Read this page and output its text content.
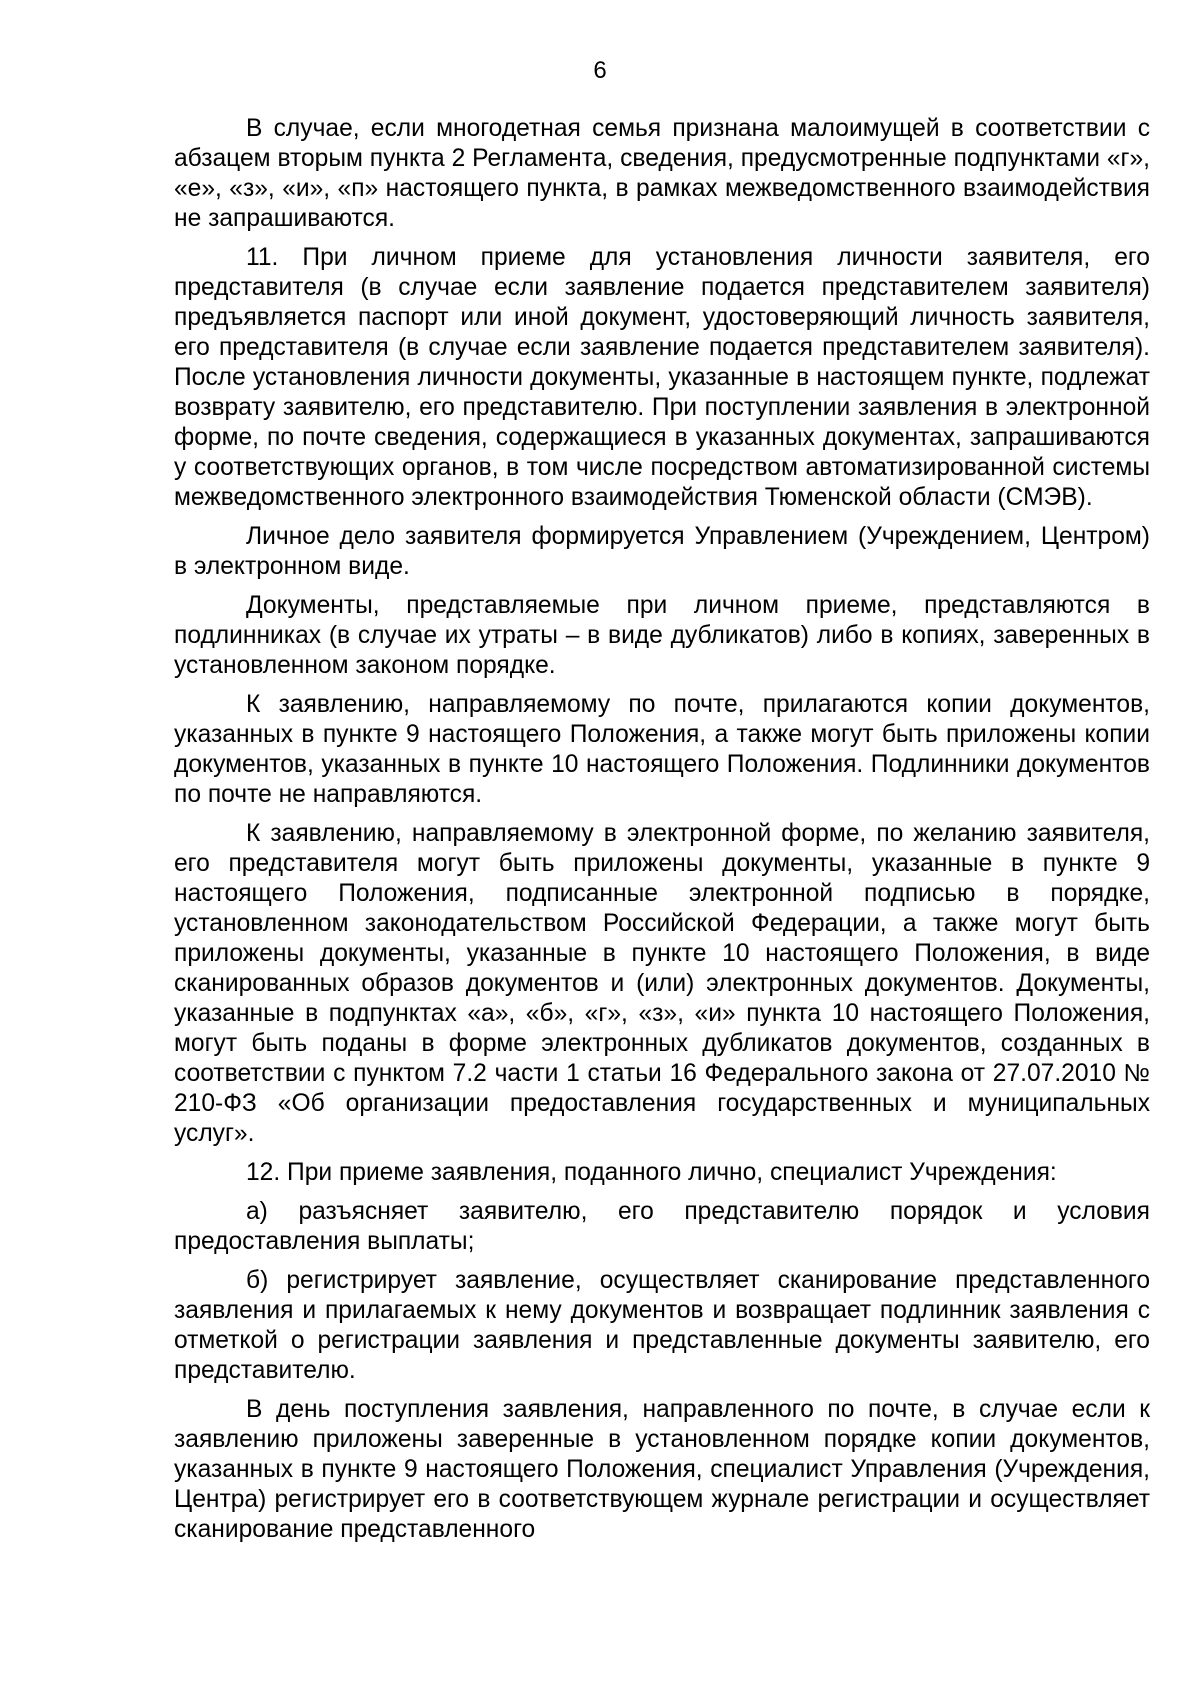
6

В случае, если многодетная семья признана малоимущей в соответствии с абзацем вторым пункта 2 Регламента, сведения, предусмотренные подпунктами «г», «е», «з», «и», «п» настоящего пункта, в рамках межведомственного взаимодействия не запрашиваются.

11. При личном приеме для установления личности заявителя, его представителя (в случае если заявление подается представителем заявителя) предъявляется паспорт или иной документ, удостоверяющий личность заявителя, его представителя (в случае если заявление подается представителем заявителя). После установления личности документы, указанные в настоящем пункте, подлежат возврату заявителю, его представителю. При поступлении заявления в электронной форме, по почте сведения, содержащиеся в указанных документах, запрашиваются у соответствующих органов, в том числе посредством автоматизированной системы межведомственного электронного взаимодействия Тюменской области (СМЭВ).

Личное дело заявителя формируется Управлением (Учреждением, Центром) в электронном виде.

Документы, представляемые при личном приеме, представляются в подлинниках (в случае их утраты – в виде дубликатов) либо в копиях, заверенных в установленном законом порядке.

К заявлению, направляемому по почте, прилагаются копии документов, указанных в пункте 9 настоящего Положения, а также могут быть приложены копии документов, указанных в пункте 10 настоящего Положения. Подлинники документов по почте не направляются.

К заявлению, направляемому в электронной форме, по желанию заявителя, его представителя могут быть приложены документы, указанные в пункте 9 настоящего Положения, подписанные электронной подписью в порядке, установленном законодательством Российской Федерации, а также могут быть приложены документы, указанные в пункте 10 настоящего Положения, в виде сканированных образов документов и (или) электронных документов. Документы, указанные в подпунктах «а», «б», «г», «з», «и» пункта 10 настоящего Положения, могут быть поданы в форме электронных дубликатов документов, созданных в соответствии с пунктом 7.2 части 1 статьи 16 Федерального закона от 27.07.2010 № 210-ФЗ «Об организации предоставления государственных и муниципальных услуг».

12. При приеме заявления, поданного лично, специалист Учреждения:

а) разъясняет заявителю, его представителю порядок и условия предоставления выплаты;

б) регистрирует заявление, осуществляет сканирование представленного заявления и прилагаемых к нему документов и возвращает подлинник заявления с отметкой о регистрации заявления и представленные документы заявителю, его представителю.

В день поступления заявления, направленного по почте, в случае если к заявлению приложены заверенные в установленном порядке копии документов, указанных в пункте 9 настоящего Положения, специалист Управления (Учреждения, Центра) регистрирует его в соответствующем журнале регистрации и осуществляет сканирование представленного
